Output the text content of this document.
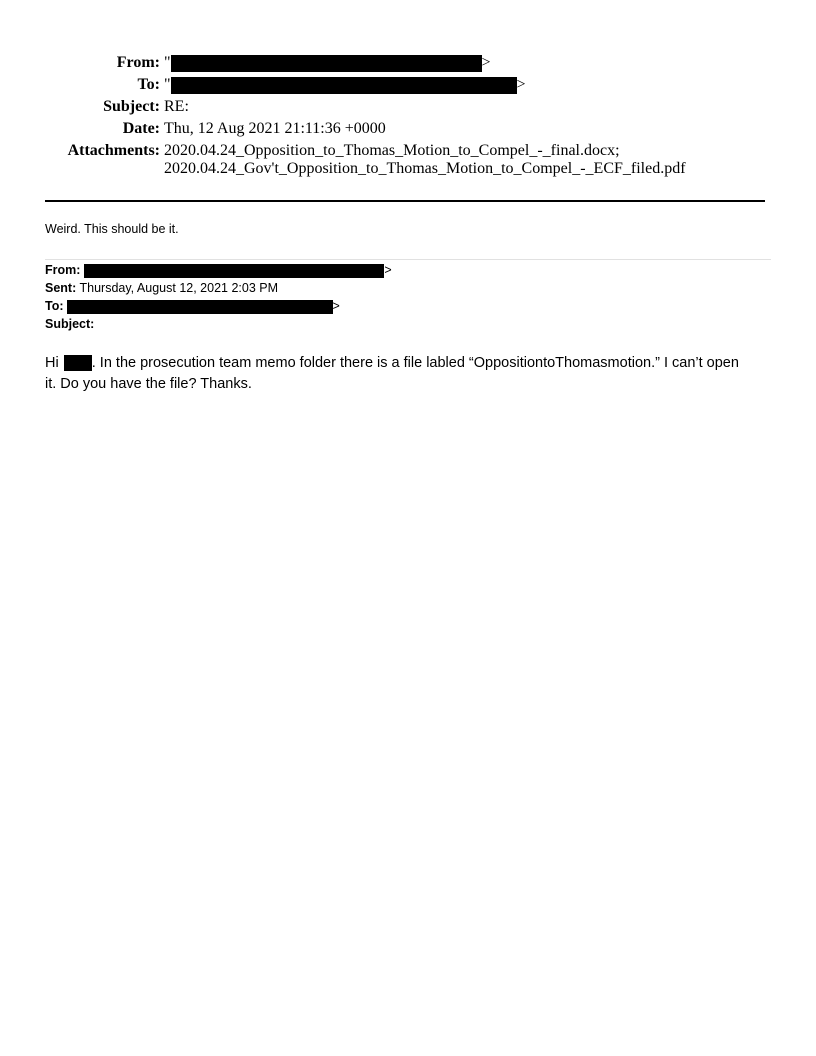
From: "	>
To: "	>
Subject: RE:
Date: Thu, 12 Aug 2021 21:11:36 +0000
Attachments: 2020.04.24_Opposition_to_Thomas_Motion_to_Compel_-_final.docx;
2020.04.24_Gov't_Opposition_to_Thomas_Motion_to_Compel_-_ECF_filed.pdf
Weird. This should be it.
From:	>
Sent: Thursday, August 12, 2021 2:03 PM
To:	>
Subject:
Hi . In the prosecution team memo folder there is a file labled “OppositiontoThomasmotion.” I can’t open
it. Do you have the file? Thanks.
